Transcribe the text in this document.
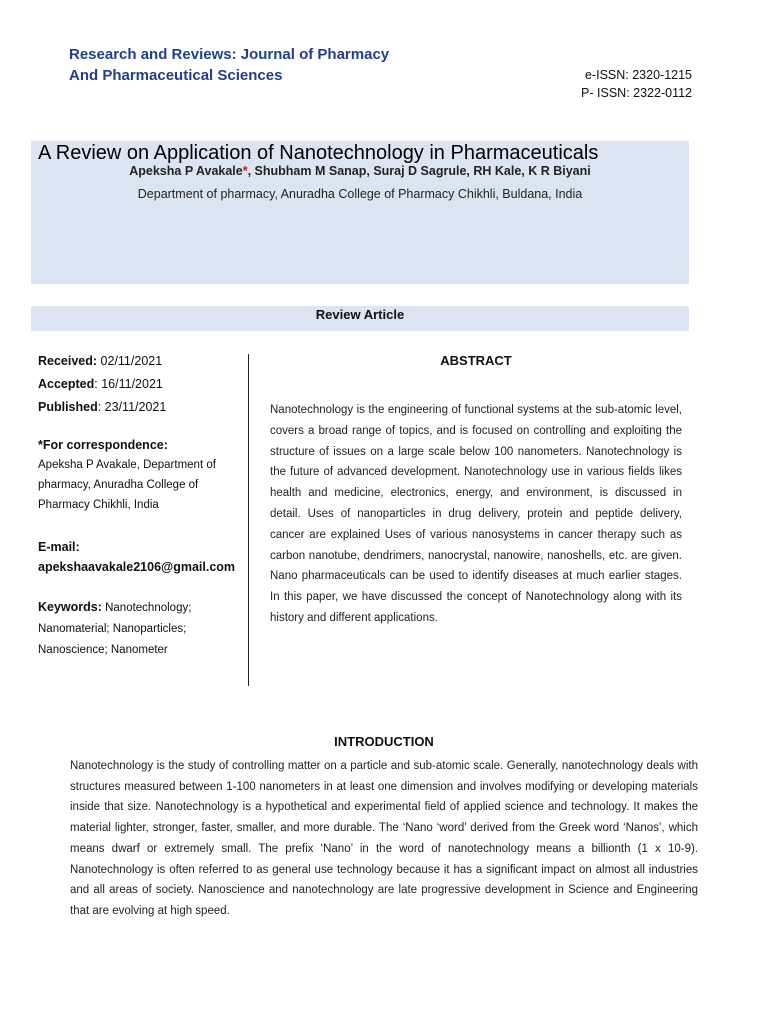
Research and Reviews: Journal of Pharmacy
And Pharmaceutical Sciences	e-ISSN: 2320-1215
P- ISSN: 2322-0112
A Review on Application of Nanotechnology in Pharmaceuticals
Apeksha P Avakale*, Shubham M Sanap, Suraj D Sagrule, RH Kale, K R Biyani
Department of pharmacy, Anuradha College of Pharmacy Chikhli, Buldana, India
Review Article
Received: 02/11/2021
Accepted: 16/11/2021
Published: 23/11/2021
*For correspondence:
Apeksha P Avakale, Department of
pharmacy, Anuradha College of
Pharmacy Chikhli, India
E-mail:
apekshaavakale2106@gmail.com
Keywords: Nanotechnology;
Nanomaterial; Nanoparticles;
Nanoscience; Nanometer
ABSTRACT
Nanotechnology is the engineering of functional systems at the sub-atomic level, covers a broad range of topics, and is focused on controlling and exploiting the structure of issues on a large scale below 100 nanometers. Nanotechnology is the future of advanced development. Nanotechnology use in various fields likes health and medicine, electronics, energy, and environment, is discussed in detail. Uses of nanoparticles in drug delivery, protein and peptide delivery, cancer are explained Uses of various nanosystems in cancer therapy such as carbon nanotube, dendrimers, nanocrystal, nanowire, nanoshells, etc. are given. Nano pharmaceuticals can be used to identify diseases at much earlier stages. In this paper, we have discussed the concept of Nanotechnology along with its history and different applications.
INTRODUCTION
Nanotechnology is the study of controlling matter on a particle and sub-atomic scale. Generally, nanotechnology deals with structures measured between 1-100 nanometers in at least one dimension and involves modifying or developing materials inside that size. Nanotechnology is a hypothetical and experimental field of applied science and technology. It makes the material lighter, stronger, faster, smaller, and more durable. The ‘Nano ‘word’ derived from the Greek word ‘Nanos’, which means dwarf or extremely small. The prefix ‘Nano’ in the word of nanotechnology means a billionth (1 x 10-9). Nanotechnology is often referred to as general use technology because it has a significant impact on almost all industries and all areas of society. Nanoscience and nanotechnology are late progressive development in Science and Engineering that are evolving at high speed.
